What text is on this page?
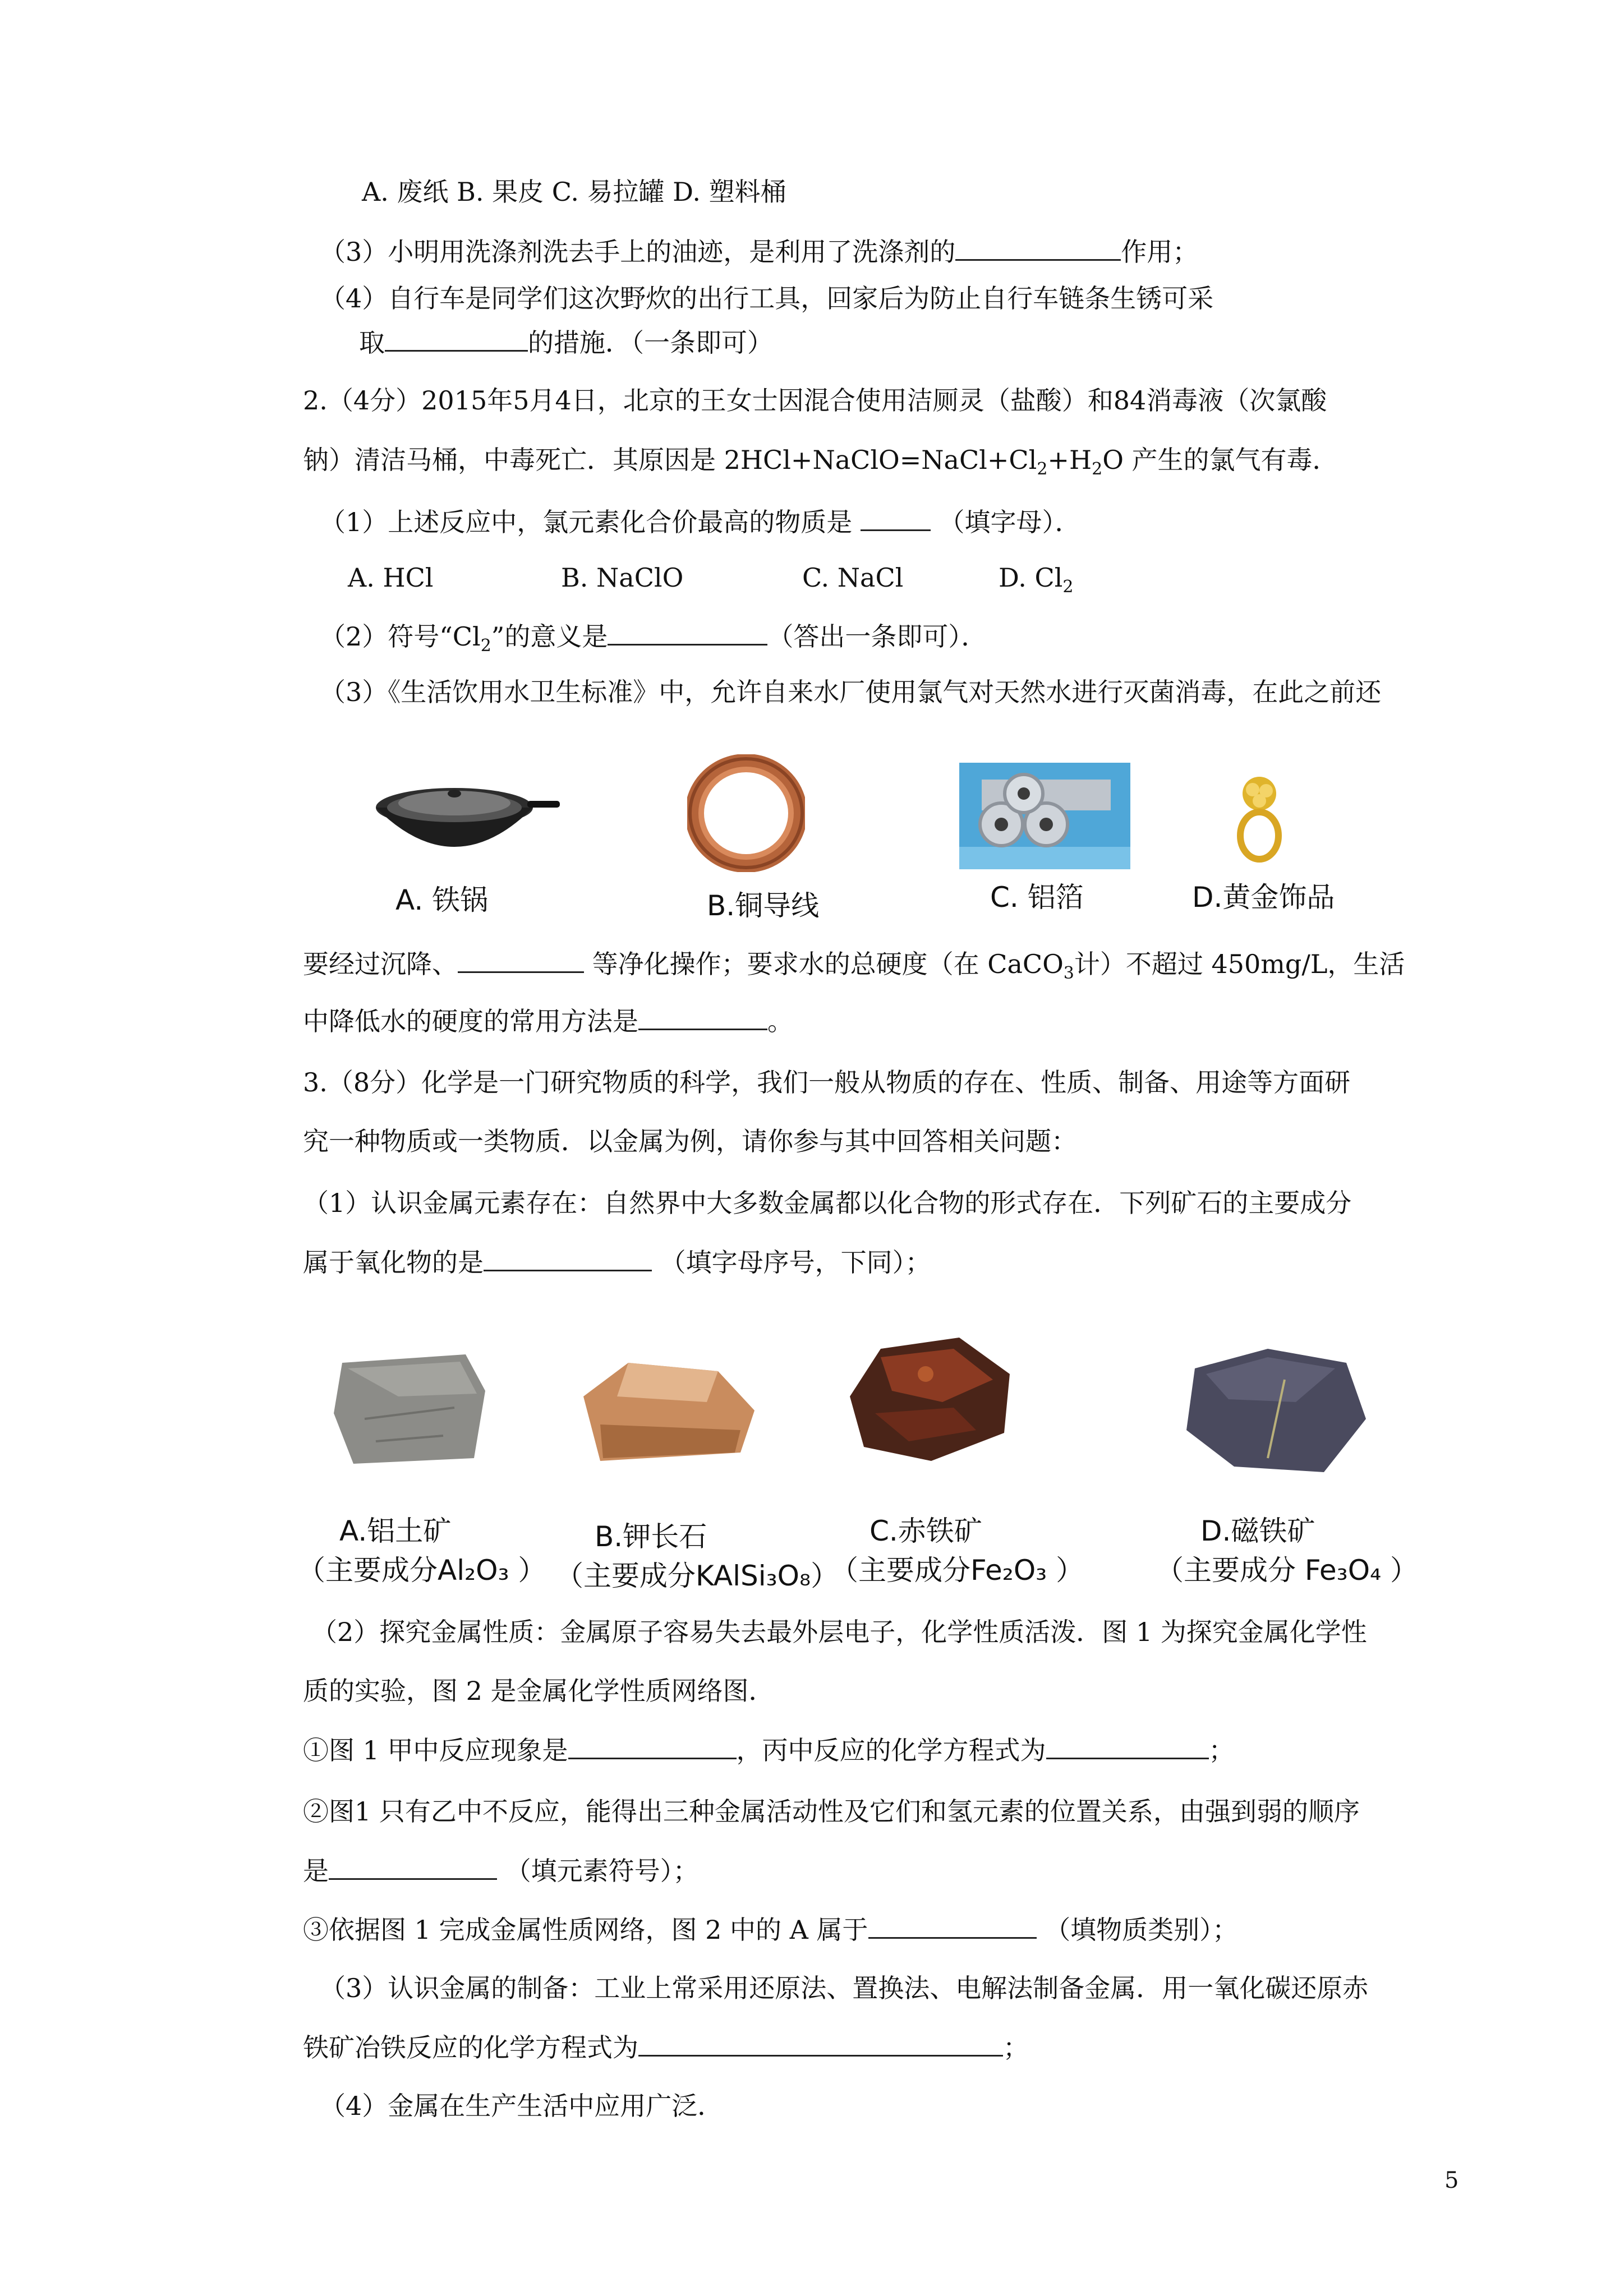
A. 废纸 B. 果皮 C. 易拉罐 D. 塑料桶
（3）小明用洗涤剂洗去手上的油迹，是利用了洗涤剂的	作用；
（4）自行车是同学们这次野炊的出行工具，回家后为防止自行车链条生锈可采
取	的措施．（一条即可）
2.（4分）2015年5月4日，北京的王女士因混合使用洁厕灵（盐酸）和84消毒液（次氯酸
钠）清洁马桶，中毒死亡．其原因是 $2HCl+NaClO=NaCl+Cl_2+H_2O$ 产生的氯气有毒．
（1）上述反应中，氯元素化合价最高的物质是	（填字母）．
A. HCl	B. NaClO	C. NaCl	D. $Cl_2$
（2）符号“$Cl_2$”的意义是	（答出一条即可）．
（3）《生活饮用水卫生标准》中，允许自来水厂使用氯气对天然水进行灭菌消毒，在此之前还
A. 铁锅	B.铜导线	C. 铝箔	D.黄金饰品
要经过沉降、	等净化操作；要求水的总硬度（在 CaCO$_3$计）不超过 450mg/L，生活
中降低水的硬度的常用方法是	。
3.（8分）化学是一门研究物质的科学，我们一般从物质的存在、性质、制备、用途等方面研
究一种物质或一类物质．以金属为例，请你参与其中回答相关问题：
（1）认识金属元素存在：自然界中大多数金属都以化合物的形式存在．下列矿石的主要成分
属于氧化物的是	（填字母序号，下同）；
A.铝土矿
（主要成分Al₂O₃ ）
B.钾长石
（主要成分KAlSi₃O₈）
C.赤铁矿
（主要成分Fe₂O₃ ）
D.磁铁矿
（主要成分 Fe₃O₄ ）
（2）探究金属性质：金属原子容易失去最外层电子，化学性质活泼．图 1 为探究金属化学性
质的实验，图 2 是金属化学性质网络图．
①图 1 甲中反应现象是	，丙中反应的化学方程式为	；
②图1 只有乙中不反应，能得出三种金属活动性及它们和氢元素的位置关系，由强到弱的顺序
是	（填元素符号）；
③依据图 1 完成金属性质网络，图 2 中的 A 属于	（填物质类别）；
（3）认识金属的制备：工业上常采用还原法、置换法、电解法制备金属．用一氧化碳还原赤
铁矿冶铁反应的化学方程式为	；
（4）金属在生产生活中应用广泛．
5
